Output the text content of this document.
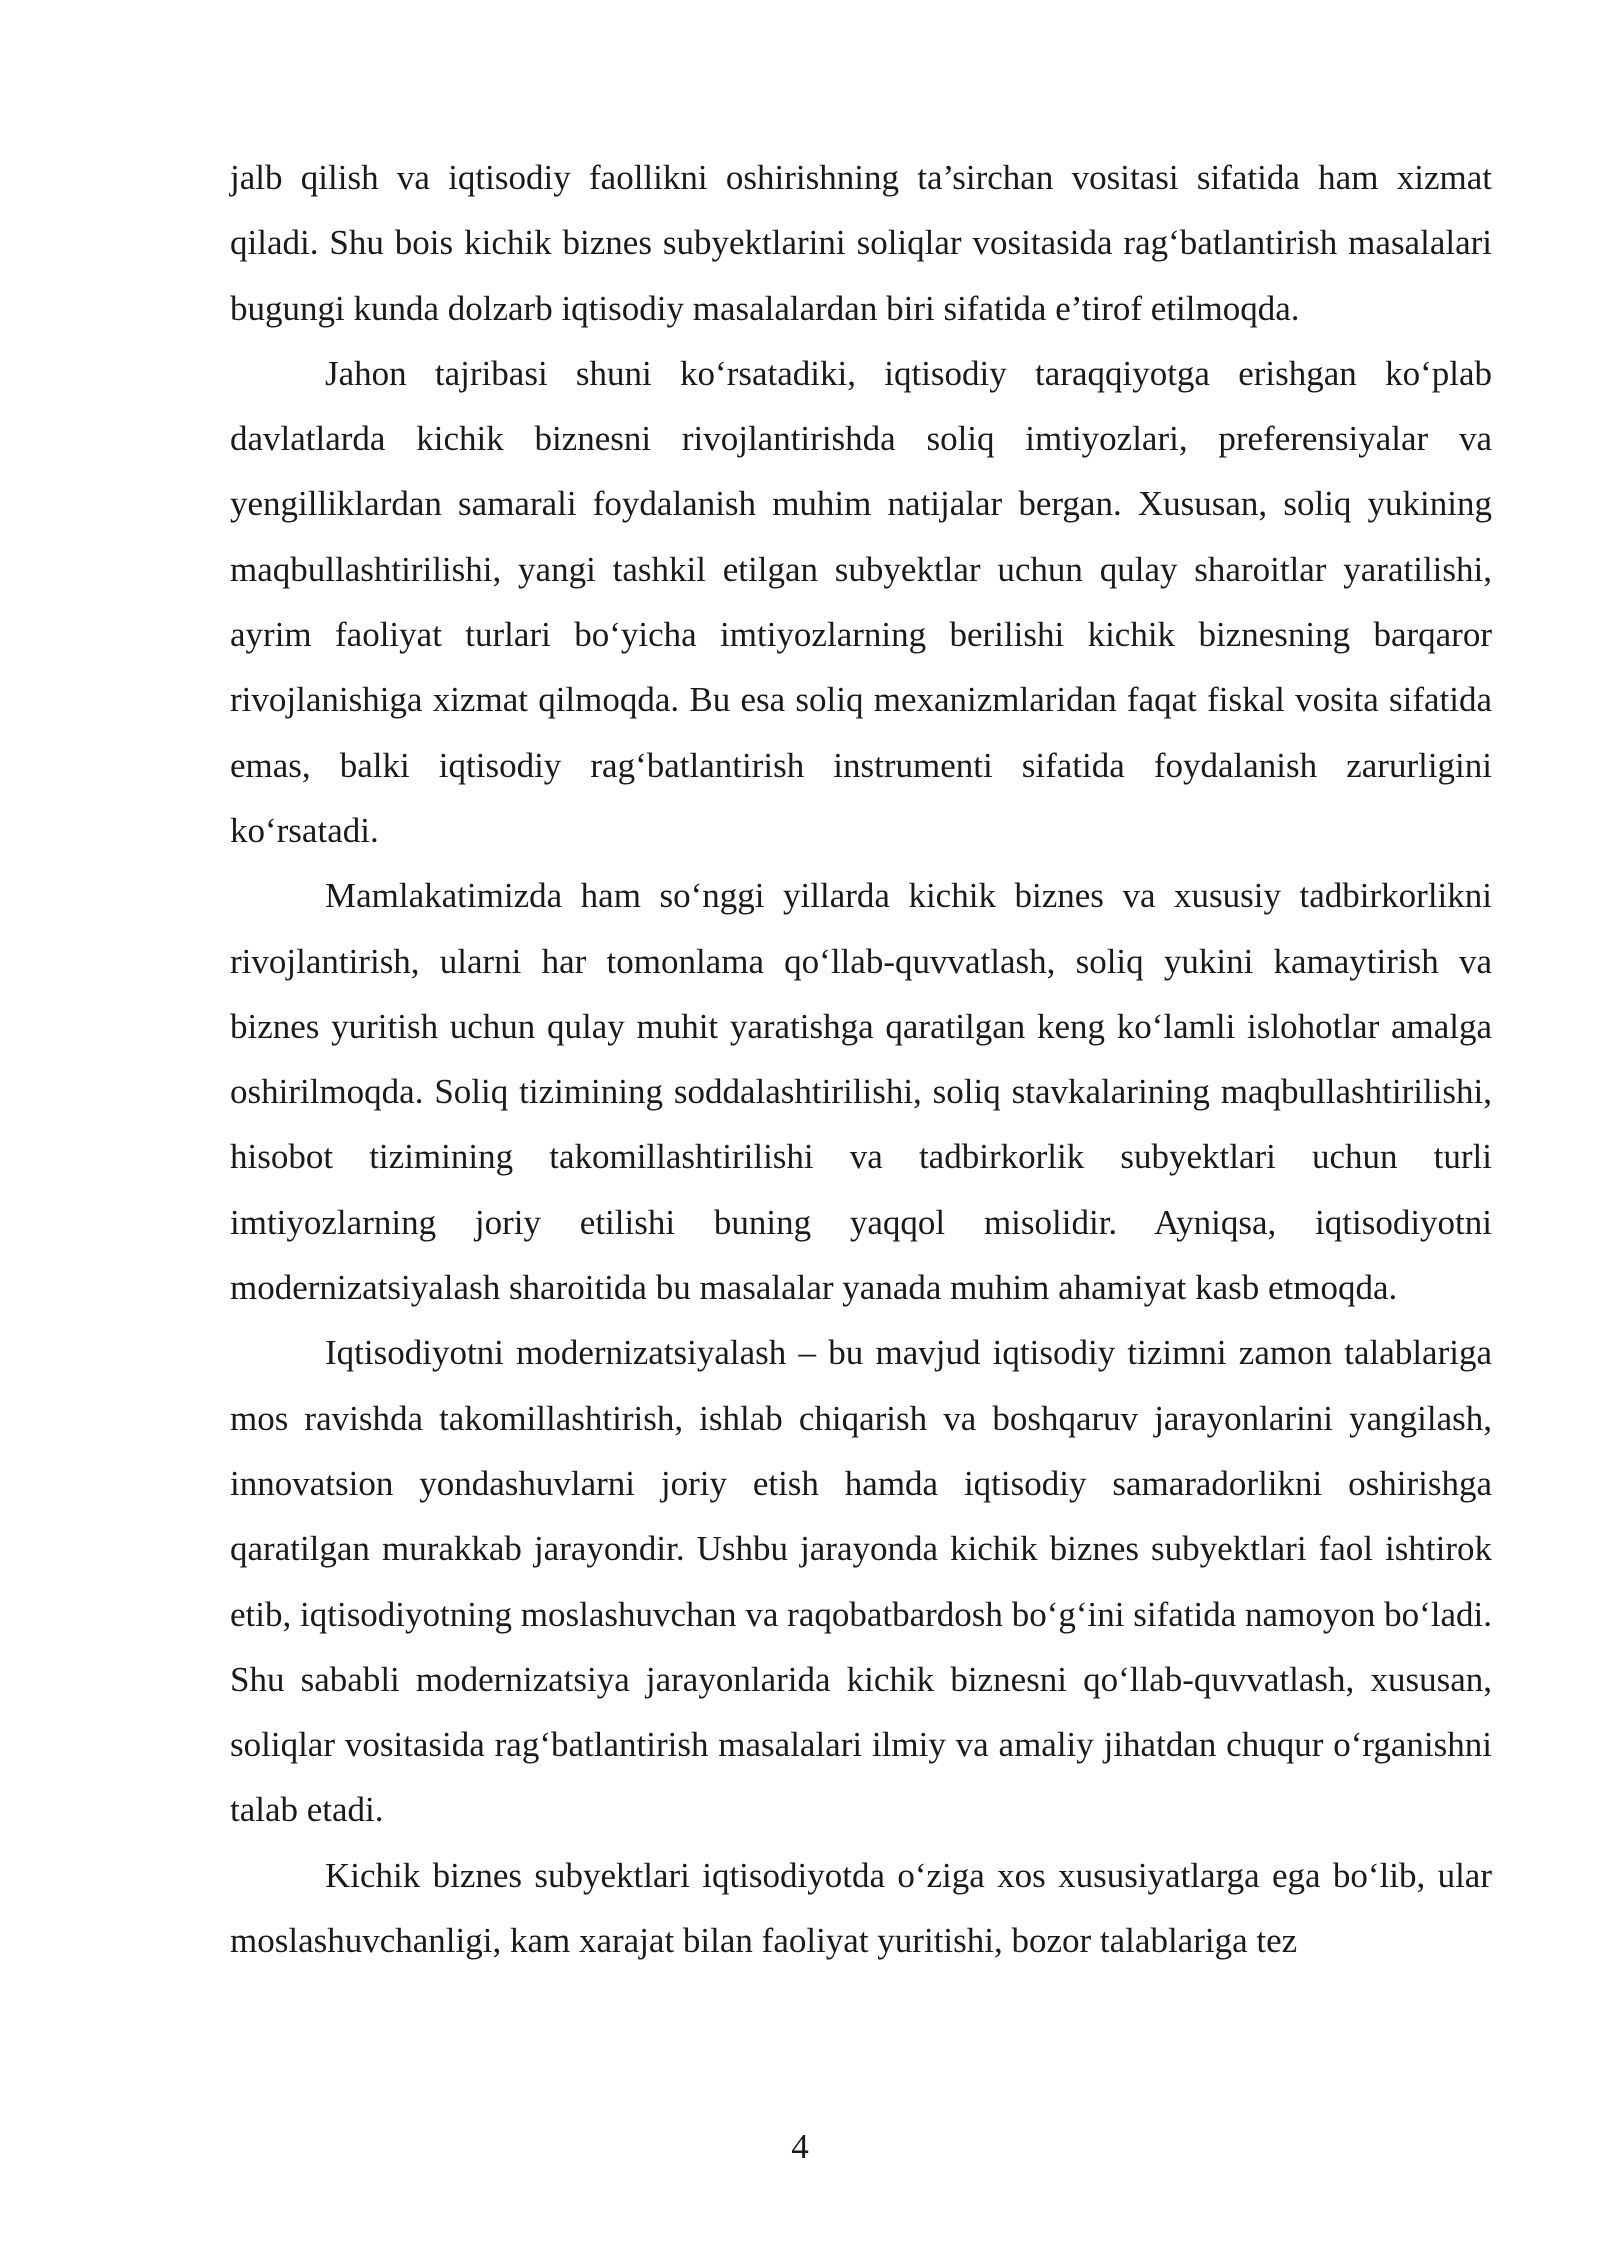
jalb qilish va iqtisodiy faollikni oshirishning ta’sirchan vositasi sifatida ham xizmat qiladi. Shu bois kichik biznes subyektlarini soliqlar vositasida rag‘batlantirish masalalari bugungi kunda dolzarb iqtisodiy masalalardan biri sifatida e’tirof etilmoqda.

Jahon tajribasi shuni ko‘rsatadiki, iqtisodiy taraqqiyotga erishgan ko‘plab davlatlarda kichik biznesni rivojlantirishda soliq imtiyozlari, preferensiyalar va yengilliklardan samarali foydalanish muhim natijalar bergan. Xususan, soliq yukining maqbullashtirilishi, yangi tashkil etilgan subyektlar uchun qulay sharoitlar yaratilishi, ayrim faoliyat turlari bo‘yicha imtiyozlarning berilishi kichik biznesning barqaror rivojlanishiga xizmat qilmoqda. Bu esa soliq mexanizmlaridan faqat fiskal vosita sifatida emas, balki iqtisodiy rag‘batlantirish instrumenti sifatida foydalanish zarurligini ko‘rsatadi.

Mamlakatimizda ham so‘nggi yillarda kichik biznes va xususiy tadbirkorlikni rivojlantirish, ularni har tomonlama qo‘llab-quvvatlash, soliq yukini kamaytirish va biznes yuritish uchun qulay muhit yaratishga qaratilgan keng ko‘lamli islohotlar amalga oshirilmoqda. Soliq tizimining soddalashtirilishi, soliq stavkalarining maqbullashtirilishi, hisobot tizimining takomillashtirilishi va tadbirkorlik subyektlari uchun turli imtiyozlarning joriy etilishi buning yaqqol misolidir. Ayniqsa, iqtisodiyotni modernizatsiyalash sharoitida bu masalalar yanada muhim ahamiyat kasb etmoqda.

Iqtisodiyotni modernizatsiyalash – bu mavjud iqtisodiy tizimni zamon talablariga mos ravishda takomillashtirish, ishlab chiqarish va boshqaruv jarayonlarini yangilash, innovatsion yondashuvlarni joriy etish hamda iqtisodiy samaradorlikni oshirishga qaratilgan murakkab jarayondir. Ushbu jarayonda kichik biznes subyektlari faol ishtirok etib, iqtisodiyotning moslashuvchan va raqobatbardosh bo‘g‘ini sifatida namoyon bo‘ladi. Shu sababli modernizatsiya jarayonlarida kichik biznesni qo‘llab-quvvatlash, xususan, soliqlar vositasida rag‘batlantirish masalalari ilmiy va amaliy jihatdan chuqur o‘rganishni talab etadi.

Kichik biznes subyektlari iqtisodiyotda o‘ziga xos xususiyatlarga ega bo‘lib, ular moslashuvchanligi, kam xarajat bilan faoliyat yuritishi, bozor talablariga tez

4
